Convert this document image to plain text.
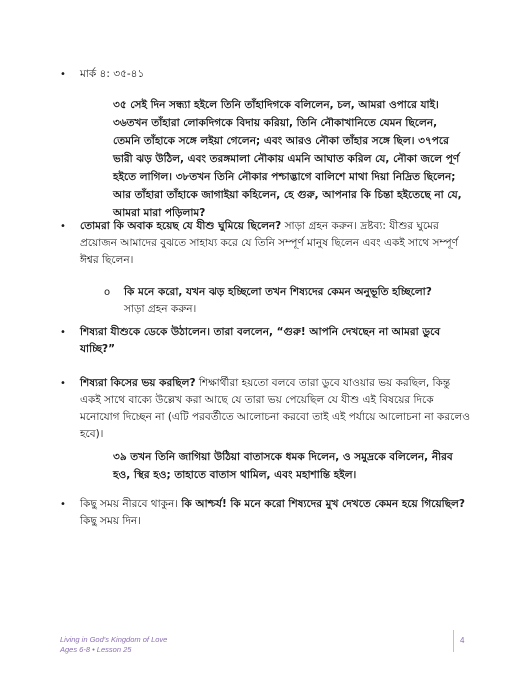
• মার্ক ৪: ৩৫-৪১
৩৫ সেই দিন সন্ধ্যা হইলে তিনি তাঁহাদিগকে বলিলেন, চল, আমরা ওপারে যাই। ৩৬তখন তাঁহারা লোকদিগকে বিদায় করিয়া, তিনি নৌকাখানিতে যেমন ছিলেন, তেমনি তাঁহাকে সঙ্গে লইয়া গেলেন; এবং আরও নৌকা তাঁহার সঙ্গে ছিল। ৩৭পরে ভারী ঝড় উঠিল, এবং তরঙ্গমালা নৌকায় এমনি আঘাত করিল যে, নৌকা জলে পূর্ণ হইতে লাগিল। ৩৮তখন তিনি নৌকার পশ্চাদ্ভাগে বালিশে মাথা দিয়া নিদ্রিত ছিলেন; আর তাঁহারা তাঁহাকে জাগাইয়া কহিলেন, হে গুরু, আপনার কি চিন্তা হইতেছে না যে, আমরা মারা পড়িলাম?
• তোমরা কি অবাক হয়েছ যে যীশু ঘুমিয়ে ছিলেন? সাড়া গ্রহন করুন। দ্রষ্টব্য: যীশুর ঘুমের প্রয়োজন আমাদের বুঝতে সাহায্য করে যে তিনি সম্পূর্ণ মানুষ ছিলেন এবং একই সাথে সম্পূর্ণ ঈশ্বর ছিলেন।
o কি মনে করো, যখন ঝড় হচ্ছিলো তখন শিষ্যদের কেমন অনুভূতি হচ্ছিলো?
সাড়া গ্রহন করুন।
• শিষ্যরা যীশুকে ডেকে উঠালেন। তারা বললেন, “গুরু! আপনি দেখছেন না আমরা ডুবে যাচ্ছি?”
• শিষ্যরা কিসের ভয় করছিল? শিক্ষার্থীরা হয়তো বলবে তারা ডুবে যাওয়ার ভয় করছিল, কিন্তু একই সাথে বাক্যে উল্লেখ করা আছে যে তারা ভয় পেয়েছিল যে যীশু এই বিষয়ের দিকে মনোযোগ দিচ্ছেন না (এটি পরবর্তীতে আলোচনা করবো তাই এই পর্যায়ে আলোচনা না করলেও হবে)।
৩৯ তখন তিনি জাগিয়া উঠিয়া বাতাসকে ধমক দিলেন, ও সমুদ্রকে বলিলেন, নীরব হও, স্থির হও; তাহাতে বাতাস থামিল, এবং মহাশান্তি হইল।
• কিছু সময় নীরবে থাকুন। কি আশ্চর্য! কি মনে করো শিষ্যদের মুখ দেখতে কেমন হয়ে গিয়েছিল? কিছু সময় দিন।
Living in God's Kingdom of Love
Ages 6-8 • Lesson 25
4
